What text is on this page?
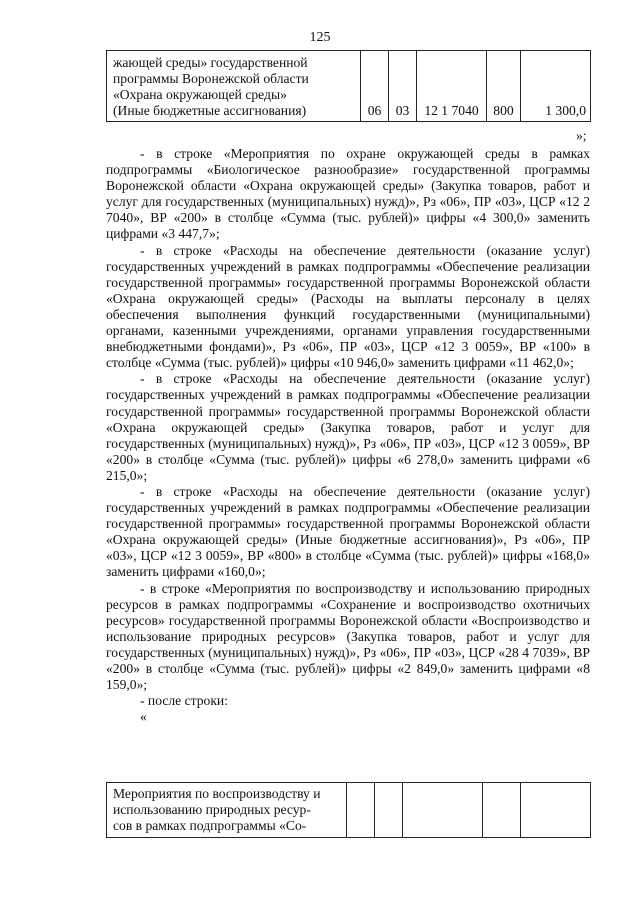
125
жающей среды» государственной
программы Воронежской области
«Охрана окружающей среды»
(Иные бюджетные ассигнования)	06	03	12 1 7040	800	1 300,0
»;

- в строке «Мероприятия по охране окружающей среды в рамках подпрограммы «Биологическое разнообразие» государственной программы Воронежской области «Охрана окружающей среды» (Закупка товаров, работ и услуг для государственных (муниципальных) нужд)», Рз «06», ПР «03», ЦСР «12 2 7040», ВР «200» в столбце «Сумма (тыс. рублей)» цифры «4 300,0» заменить цифрами «3 447,7»;

- в строке «Расходы на обеспечение деятельности (оказание услуг) государственных учреждений в рамках подпрограммы «Обеспечение реализации государственной программы» государственной программы Воронежской области «Охрана окружающей среды» (Расходы на выплаты персоналу в целях обеспечения выполнения функций государственными (муниципальными) органами, казенными учреждениями, органами управления государственными внебюджетными фондами)», Рз «06», ПР «03», ЦСР «12 3 0059», ВР «100» в столбце «Сумма (тыс. рублей)» цифры «10 946,0» заменить цифрами «11 462,0»;

- в строке «Расходы на обеспечение деятельности (оказание услуг) государственных учреждений в рамках подпрограммы «Обеспечение реализации государственной программы» государственной программы Воронежской области «Охрана окружающей среды» (Закупка товаров, работ и услуг для государственных (муниципальных) нужд)», Рз «06», ПР «03», ЦСР «12 3 0059», ВР «200» в столбце «Сумма (тыс. рублей)» цифры «6 278,0» заменить цифрами «6 215,0»;

- в строке «Расходы на обеспечение деятельности (оказание услуг) государственных учреждений в рамках подпрограммы «Обеспечение реализации государственной программы» государственной программы Воронежской области «Охрана окружающей среды» (Иные бюджетные ассигнования)», Рз «06», ПР «03», ЦСР «12 3 0059», ВР «800» в столбце «Сумма (тыс. рублей)» цифры «168,0» заменить цифрами «160,0»;

- в строке «Мероприятия по воспроизводству и использованию природных ресурсов в рамках подпрограммы «Сохранение и воспроизводство охотничьих ресурсов» государственной программы Воронежской области «Воспроизводство и использование природных ресурсов» (Закупка товаров, работ и услуг для государственных (муниципальных) нужд)», Рз «06», ПР «03», ЦСР «28 4 7039», ВР «200» в столбце «Сумма (тыс. рублей)» цифры «2 849,0» заменить цифрами «8 159,0»;

- после строки:

«

Мероприятия по воспроизводству и
использованию природных ресур-
сов в рамках подпрограммы «Со-
